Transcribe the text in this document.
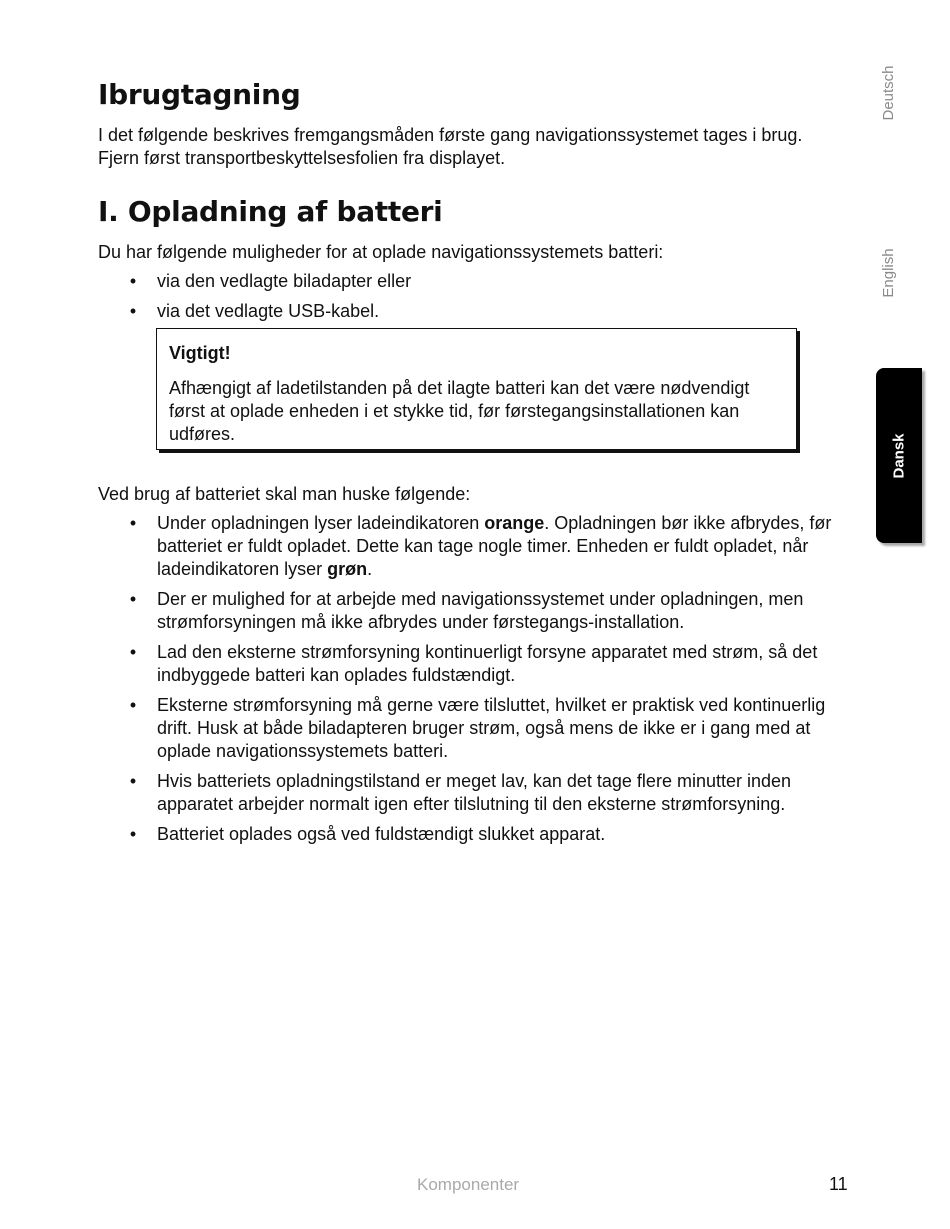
Ibrugtagning

I det følgende beskrives fremgangsmåden første gang navigationssystemet tages i brug.

Fjern først transportbeskyttelsesfolien fra displayet.

I. Opladning af batteri

Du har følgende muligheder for at oplade navigationssystemets batteri:

• via den vedlagte biladapter eller
• via det vedlagte USB-kabel.

Vigtigt!

Afhængigt af ladetilstanden på det ilagte batteri kan det være nødvendigt først at oplade enheden i et stykke tid, før førstegangsinstallationen kan udføres.

Ved brug af batteriet skal man huske følgende:

• Under opladningen lyser ladeindikatoren orange. Opladningen bør ikke afbrydes, før batteriet er fuldt opladet. Dette kan tage nogle timer. Enheden er fuldt opladet, når ladeindikatoren lyser grøn.
• Der er mulighed for at arbejde med navigationssystemet under opladningen, men strømforsyningen må ikke afbrydes under førstegangs-installation.
• Lad den eksterne strømforsyning kontinuerligt forsyne apparatet med strøm, så det indbyggede batteri kan oplades fuldstændigt.
• Eksterne strømforsyning må gerne være tilsluttet, hvilket er praktisk ved kontinuerlig drift. Husk at både biladapteren bruger strøm, også mens de ikke er i gang med at oplade navigationssystemets batteri.
• Hvis batteriets opladningstilstand er meget lav, kan det tage flere minutter inden apparatet arbejder normalt igen efter tilslutning til den eksterne strømforsyning.
• Batteriet oplades også ved fuldstændigt slukket apparat.
Deutsch
English
Dansk

Komponenter	11
